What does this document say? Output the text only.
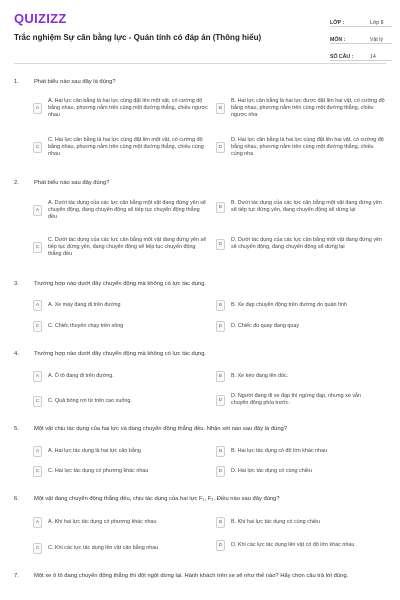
QUIZIZZ
Trắc nghiệm Sự cân bằng lực - Quán tính có đáp án (Thông hiểu)
LỚP :	Lớp 8
MÔN :	Vật lý
SỐ CÂU :	14
1.	Phát biểu nào sau đây là đúng?
A
A. Hai lực cân bằng là hai lực cùng đặt lên một vật, có cường độ bằng nhau, phương nằm trên cùng một đường thẳng, chiều ngược nhau
B
B. Hai lực cân bằng là hai lực được đặt lên hai vật, có cường độ bằng nhau, phương nằm trên cùng một đường thẳng, chiều ngược nha
C
C. Hai lực cân bằng là hai lực cùng đặt lên một vật, có cường độ bằng nhau, phương nằm trên cùng một đường thẳng, chiều cùng nhau
D
D. Hai lực cân bằng là hai lực cùng đặt lên hai vật, có cường độ bằng nhau, phương nằm trên cùng một đường thẳng, chiều cùng nha
2.	Phát biểu nào sau đây đúng?
A
A. Dưới tác dụng của các lực cân bằng một vật đang đứng yên sẽ chuyển động, đang chuyển động sẽ tiếp tục chuyển động thẳng đều
B
B. Dưới tác dụng của các lực cân bằng một vật đang đứng yên sẽ tiếp tục đứng yên, đang chuyển động sẽ dừng lại
C
C. Dưới tác dụng của các lực cân bằng một vật đang đứng yên sẽ tiếp tục đứng yên, đang chuyển động sẽ tiếp tục chuyển động thẳng đều
D
D. Dưới tác dụng của các lực cân bằng một vật đang đứng yên sẽ chuyển động, đang chuyển động sẽ dừng lại
3.	Trường hợp nào dưới đây chuyển động mà không có lực tác dụng.
A	A. Xe máy đang đi trên đường	B	B. Xe đạp chuyển động trên đường do quán tính
C	C. Chiếc thuyền chạy trên sông	D	D. Chiếc đu quay đang quay
4.	Trường hợp nào dưới đây chuyển động mà không có lực tác dụng.
A	A. Ô tô đang đi trên đường.	B	B. Xe kéo đang lên dốc.
C	C. Quả bóng rơi từ trên cao xuống.	D
D. Người đang đi xe đạp thì ngừng đạp, nhưng xe vẫn chuyển động phía trước.
5.	Một vật chịu tác dụng của hai lực và đang chuyển động thẳng đều. Nhận xét nào sau đây là đúng?
A	A. Hai lực tác dụng là hai lực cân bằng	B	B. Hai lực tác dụng có độ lớn khác nhau
C	C. Hai lực tác dụng có phương khác nhau	D	D. Hai lực tác dụng có cùng chiều
6.	Một vật đang chuyển động thẳng đều, chịu tác dụng của hai lực F₁, F₂. Điều nào sau đây đúng?
A	A. Khi hai lực tác dụng có phương khác nhau	B	B. Khi hai lực tác dụng có cùng chiều
C	C. Khi các lực tác dụng lên vật cân bằng nhau	D	D. Khi các lực tác dụng lên vật có độ lớn khác nhau
7.	Một xe ô tô đang chuyển động thẳng thì đột ngột dừng lại. Hành khách trên xe sẽ như thế nào? Hãy chọn câu trả lời đúng.
